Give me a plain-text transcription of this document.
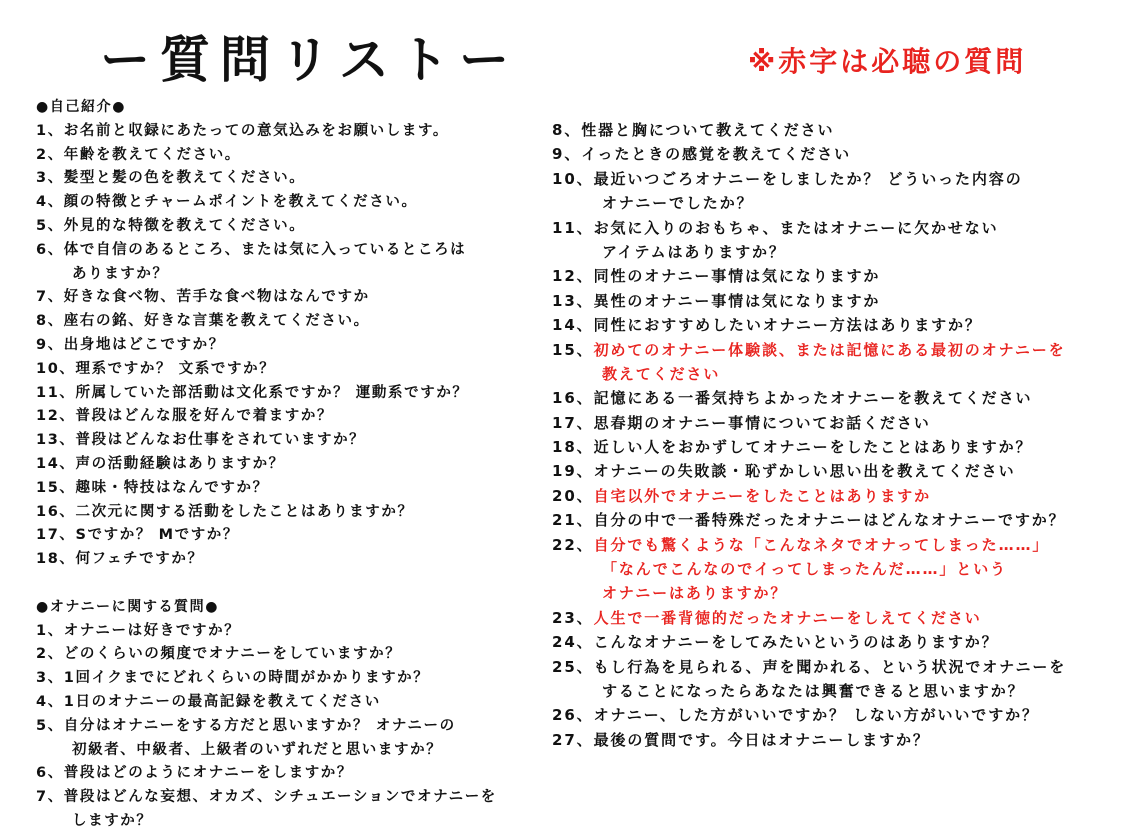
ー質問リストー	※赤字は必聴の質問
●自己紹介●
1、お名前と収録にあたっての意気込みをお願いします。
2、年齢を教えてください。
3、髪型と髪の色を教えてください。
4、顔の特徴とチャームポイントを教えてください。
5、外見的な特徴を教えてください。
6、体で自信のあるところ、または気に入っているところは
ありますか？
7、好きな食べ物、苦手な食べ物はなんですか
8、座右の銘、好きな言葉を教えてください。
9、出身地はどこですか？
10、理系ですか？ 文系ですか？
11、所属していた部活動は文化系ですか？ 運動系ですか？
12、普段はどんな服を好んで着ますか？
13、普段はどんなお仕事をされていますか？
14、声の活動経験はありますか？
15、趣味・特技はなんですか？
16、二次元に関する活動をしたことはありますか？
17、Sですか？ Mですか？
18、何フェチですか？
●オナニーに関する質問●
1、オナニーは好きですか？
2、どのくらいの頻度でオナニーをしていますか？
3、1回イクまでにどれくらいの時間がかかりますか？
4、1日のオナニーの最高記録を教えてください
5、自分はオナニーをする方だと思いますか？ オナニーの
初級者、中級者、上級者のいずれだと思いますか？
6、普段はどのようにオナニーをしますか？
7、普段はどんな妄想、オカズ、シチュエーションでオナニーを
しますか？
8、性器と胸について教えてください
9、イったときの感覚を教えてください
10、最近いつごろオナニーをしましたか？ どういった内容の
オナニーでしたか？
11、お気に入りのおもちゃ、またはオナニーに欠かせない
アイテムはありますか？
12、同性のオナニー事情は気になりますか
13、異性のオナニー事情は気になりますか
14、同性におすすめしたいオナニー方法はありますか？
15、初めてのオナニー体験談、または記憶にある最初のオナニーを
教えてください
16、記憶にある一番気持ちよかったオナニーを教えてください
17、思春期のオナニー事情についてお話ください
18、近しい人をおかずしてオナニーをしたことはありますか？
19、オナニーの失敗談・恥ずかしい思い出を教えてください
20、自宅以外でオナニーをしたことはありますか
21、自分の中で一番特殊だったオナニーはどんなオナニーですか？
22、自分でも驚くような「こんなネタでオナってしまった……」
「なんでこんなのでイってしまったんだ……」という
オナニーはありますか？
23、人生で一番背徳的だったオナニーをしえてください
24、こんなオナニーをしてみたいというのはありますか？
25、もし行為を見られる、声を聞かれる、という状況でオナニーを
することになったらあなたは興奮できると思いますか？
26、オナニー、した方がいいですか？ しない方がいいですか？
27、最後の質問です。今日はオナニーしますか？
